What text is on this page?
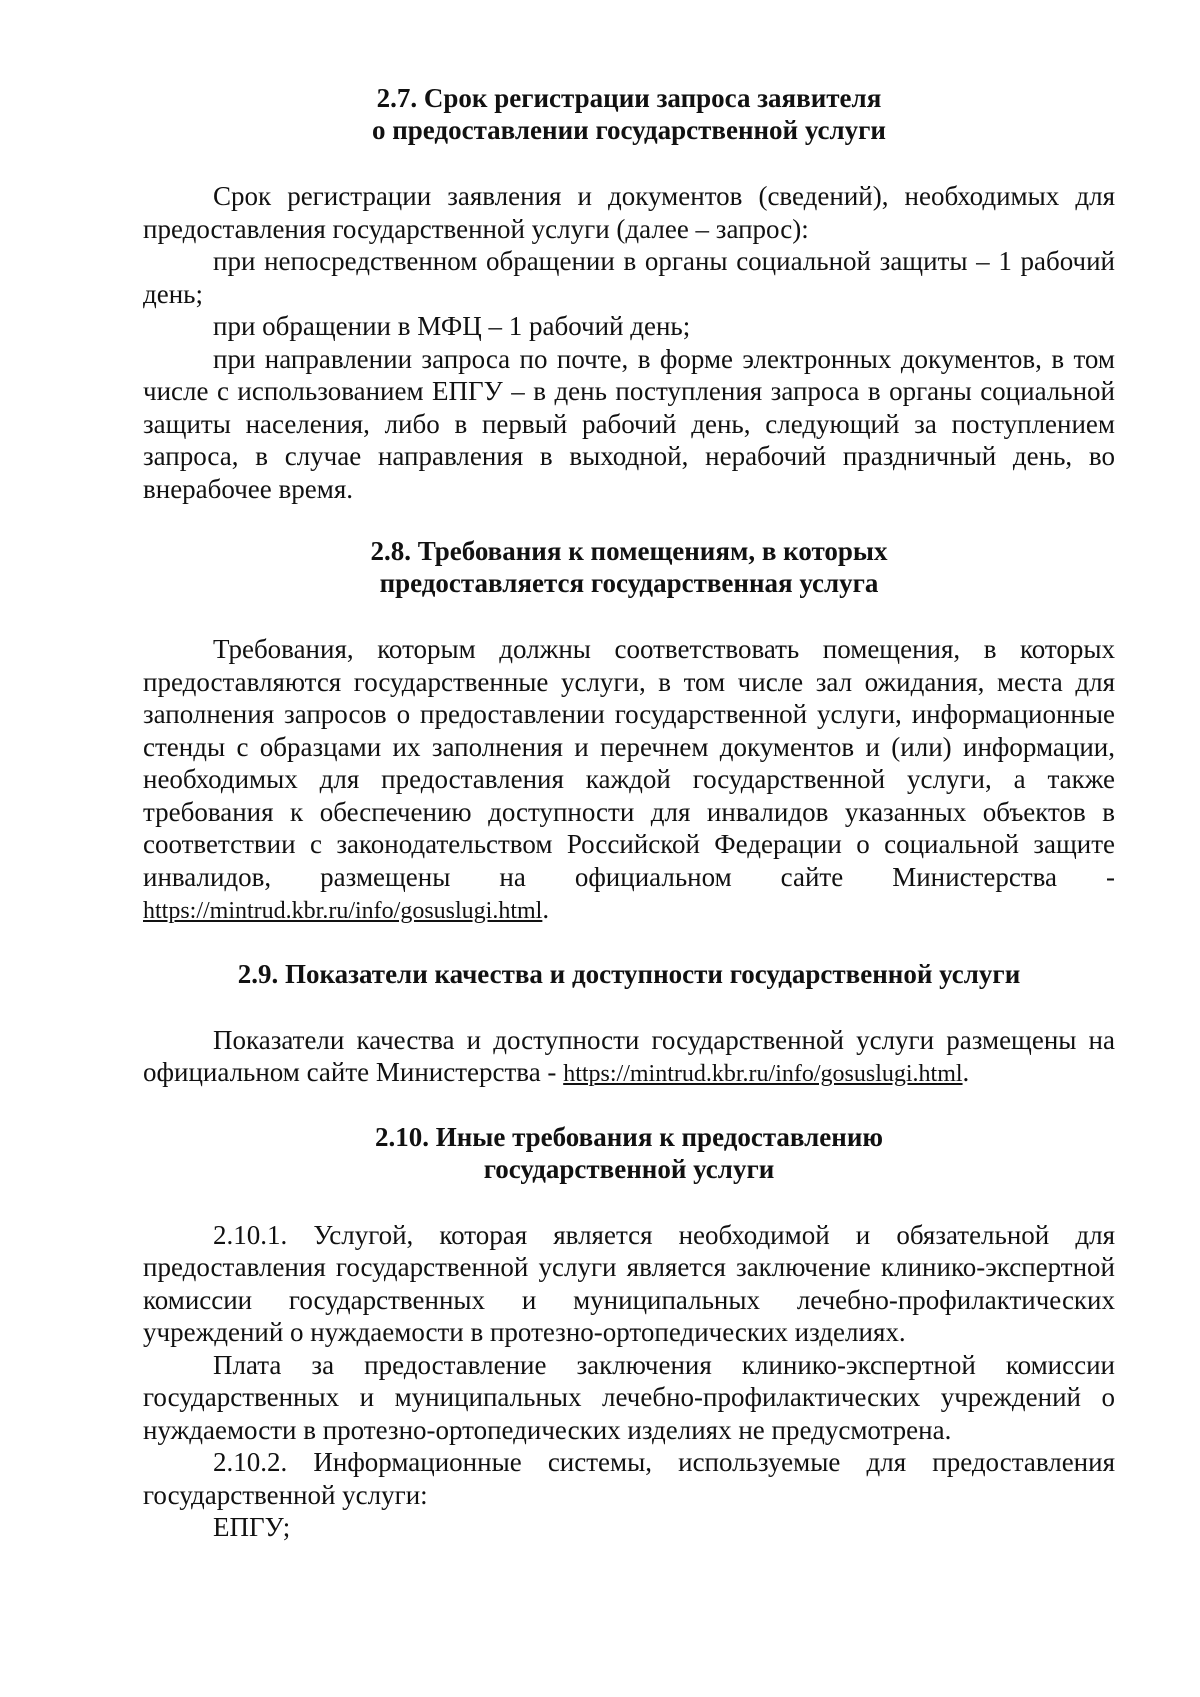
2.7. Срок регистрации запроса заявителя
о предоставлении государственной услуги

Срок регистрации заявления и документов (сведений), необходимых для предоставления государственной услуги (далее – запрос):

при непосредственном обращении в органы социальной защиты – 1 рабочий день;

при обращении в МФЦ – 1 рабочий день;

при направлении запроса по почте, в форме электронных документов, в том числе с использованием ЕПГУ – в день поступления запроса в органы социальной защиты населения, либо в первый рабочий день, следующий за поступлением запроса, в случае направления в выходной, нерабочий праздничный день, во внерабочее время.

2.8. Требования к помещениям, в которых
предоставляется государственная услуга

Требования, которым должны соответствовать помещения, в которых предоставляются государственные услуги, в том числе зал ожидания, места для заполнения запросов о предоставлении государственной услуги, информационные стенды с образцами их заполнения и перечнем документов и (или) информации, необходимых для предоставления каждой государственной услуги, а также требования к обеспечению доступности для инвалидов указанных объектов в соответствии с законодательством Российской Федерации о социальной защите инвалидов, размещены на официальном сайте Министерства - https://mintrud.kbr.ru/info/gosuslugi.html.

2.9. Показатели качества и доступности государственной услуги

Показатели качества и доступности государственной услуги размещены на официальном сайте Министерства - https://mintrud.kbr.ru/info/gosuslugi.html.

2.10. Иные требования к предоставлению
государственной услуги

2.10.1. Услугой, которая является необходимой и обязательной для предоставления государственной услуги является заключение клинико-экспертной комиссии государственных и муниципальных лечебно-профилактических учреждений о нуждаемости в протезно-ортопедических изделиях.

Плата за предоставление заключения клинико-экспертной комиссии государственных и муниципальных лечебно-профилактических учреждений о нуждаемости в протезно-ортопедических изделиях не предусмотрена.

2.10.2. Информационные системы, используемые для предоставления государственной услуги:

ЕПГУ;
